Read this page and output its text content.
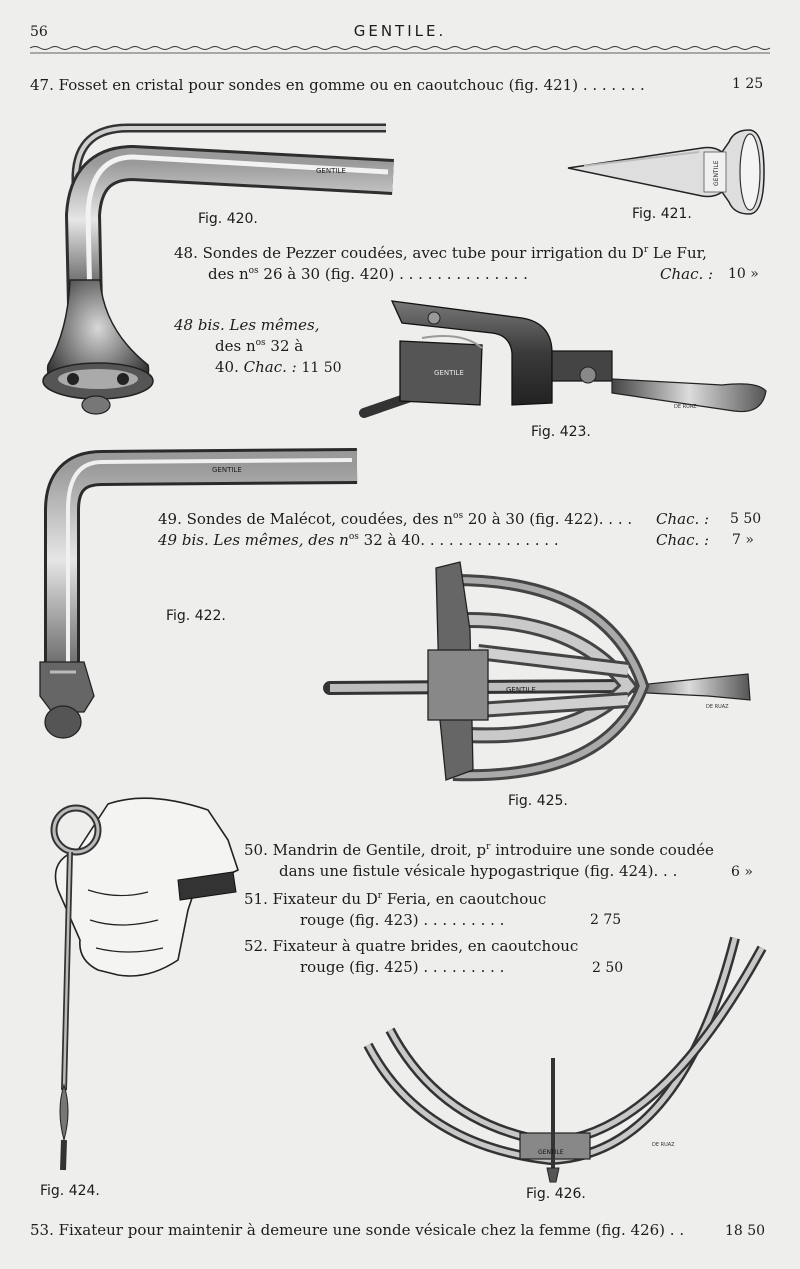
56	GENTILE.
47. Fosset en cristal pour sondes en gomme ou en caoutchouc (fig. 421) . . . . . . .	1 25
GENTILE
Fig. 420.
GENTILE
Fig. 421.
48. Sondes de Pezzer coudées, avec tube pour irrigation du $D^r$ Le Fur,
des $n^{os}$ 26 à 30 (fig. 420) . . . . . . . . . . . . . .	Chac. : 10 »
48 bis. Les mêmes,
des $n^{os}$ 32 à
40. Chac. : 11 50	GENTILE
DE RUAZ
Fig. 423.
GENTILE
Fig. 422.
49. Sondes de Malécot, coudées, des $n^{os}$ 20 à 30 (fig. 422). . . . Chac. : 5 50
49 bis. Les mêmes, des $n^{os}$ 32 à 40. . . . . . . . . . . . . . .	Chac. : 7 »
GENTILE
DE RUAZ
Fig. 425.
Fig. 424.
50. Mandrin de Gentile, droit, $p^r$ introduire une sonde coudée
dans une fistule vésicale hypogastrique (fig. 424). . .	6 »
51. Fixateur du $D^r$ Feria, en caoutchouc
rouge (fig. 423) . . . . . . . . .	2 75
52. Fixateur à quatre brides, en caoutchouc
rouge (fig. 425) . . . . . . . . .	2 50
GENTILE
DE RUAZ
Fig. 426.
53. Fixateur pour maintenir à demeure une sonde vésicale chez la femme (fig. 426) . .	18 50
